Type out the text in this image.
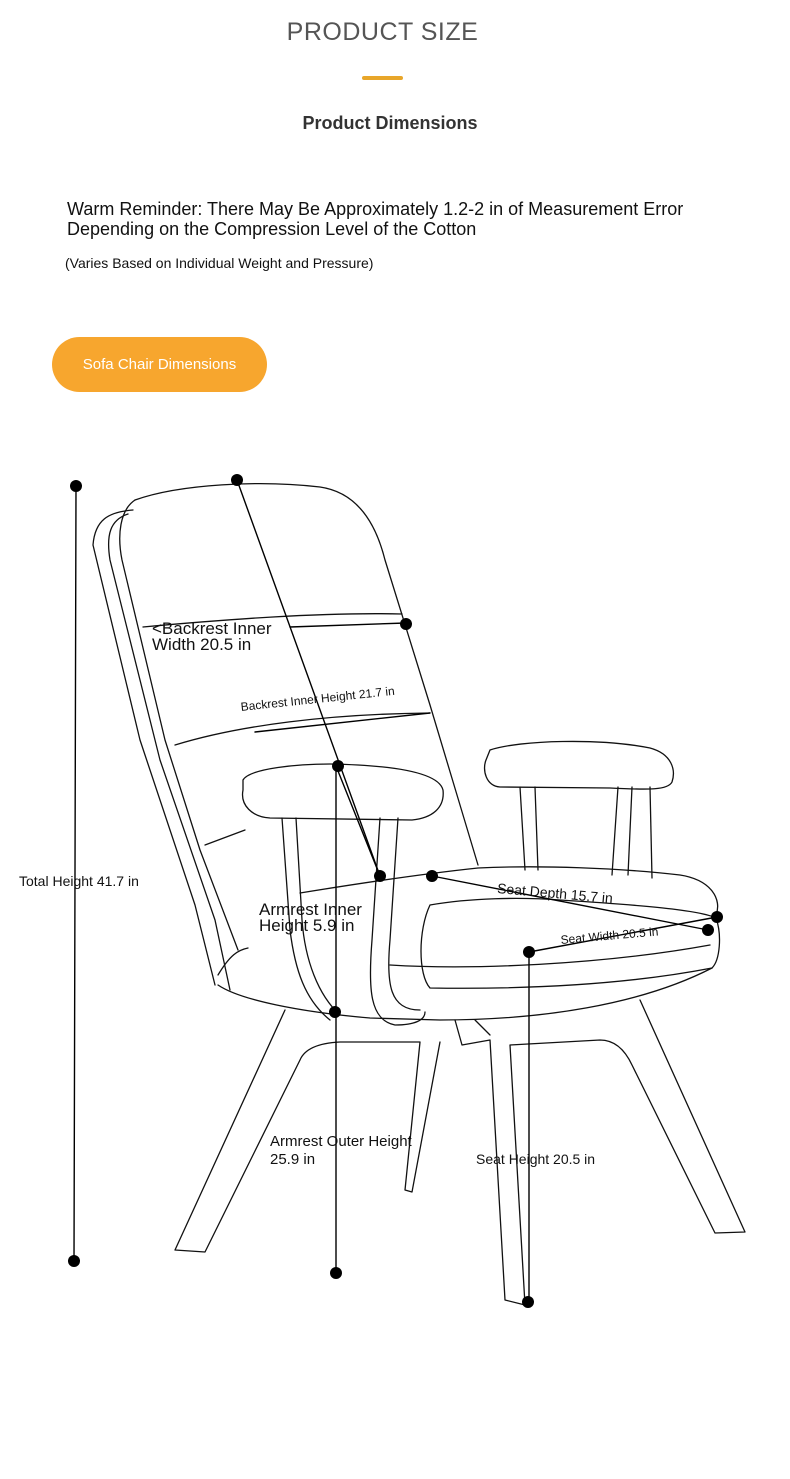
PRODUCT SIZE
Product Dimensions
Warm Reminder: There May Be Approximately 1.2-2 in of Measurement Error Depending on the Compression Level of the Cotton
(Varies Based on Individual Weight and Pressure)
Sofa Chair Dimensions
<Backrest Inner Width 20.5 in
Backrest Inner Height 21.7 in
Total Height 41.7 in
Armrest Inner Height 5.9 in
Seat Depth 15.7 in
Seat Width 20.5 in
Armrest Outer Height 25.9 in	Seat Height 20.5 in
